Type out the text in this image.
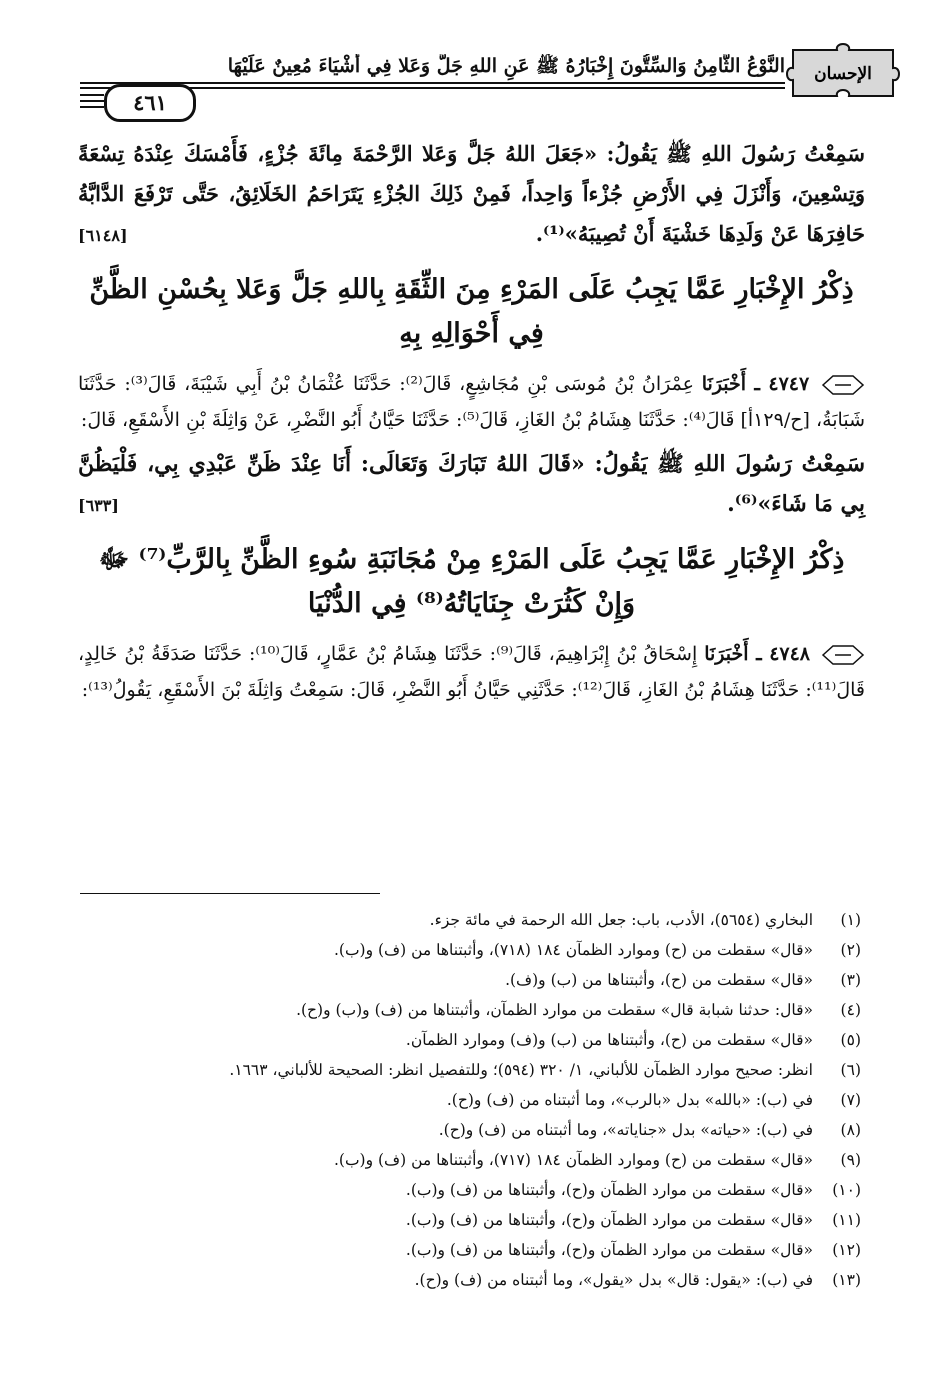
الإحسان
النَّوْعُ الثَّامِنُ وَالسِّتُّونَ إِخْبَارُهُ ﷺ عَنِ اللهِ جَلَّ وَعَلا فِي أَشْيَاءَ مُعِينٌ عَلَيْهَا
٤٦١

سَمِعْتُ رَسُولَ اللهِ ﷺ يَقُولُ: «جَعَلَ اللهُ جَلَّ وَعَلا الرَّحْمَةَ مِائَةَ جُزْءٍ، فَأَمْسَكَ عِنْدَهُ تِسْعَةً وَتِسْعِينَ، وَأَنْزَلَ فِي الأَرْضِ جُزْءاً وَاحِداً، فَمِنْ ذَلِكَ الجُزْءِ يَتَرَاحَمُ الخَلَائِقُ، حَتَّى تَرْفَعَ الدَّابَّةُ حَافِرَهَا عَنْ وَلَدِهَا خَشْيَةَ أَنْ تُصِيبَهُ»⁽¹⁾.
[٦١٤٨]

ذِكْرُ الإِخْبَارِ عَمَّا يَجِبُ عَلَى المَرْءِ مِنَ الثِّقَةِ بِاللهِ جَلَّ وَعَلا بِحُسْنِ الظَّنِّ فِي أَحْوَالِهِ بِهِ

٤٧٤٧ ـ أَخْبَرَنَا عِمْرَانُ بْنُ مُوسَى بْنِ مُجَاشِعٍ، قَالَ⁽²⁾: حَدَّثَنَا عُثْمَانُ بْنُ أَبِي شَيْبَةَ، قَالَ⁽³⁾: حَدَّثَنَا شَبَابَةُ، [ح/١٢٩أ] قَالَ⁽⁴⁾: حَدَّثَنَا هِشَامُ بْنُ الغَازِ، قَالَ⁽⁵⁾: حَدَّثَنَا حَيَّانُ أَبُو النَّضْرِ، عَنْ وَاثِلَةَ بْنِ الأَسْقَعِ، قَالَ:

سَمِعْتُ رَسُولَ اللهِ ﷺ يَقُولُ: «قَالَ اللهُ تَبَارَكَ وَتَعَالَى: أَنَا عِنْدَ ظَنِّ عَبْدِي بِي، فَلْيَظُنَّ بِي مَا شَاءَ»⁽⁶⁾.
[٦٣٣]

ذِكْرُ الإِخْبَارِ عَمَّا يَجِبُ عَلَى المَرْءِ مِنْ مُجَانَبَةِ سُوءِ الظَّنِّ بِالرَّبِّ⁽⁷⁾ ﷻ وَإِنْ كَثُرَتْ جِنَايَاتُهُ⁽⁸⁾ فِي الدُّنْيَا

٤٧٤٨ ـ أَخْبَرَنَا إِسْحَاقُ بْنُ إِبْرَاهِيمَ، قَالَ⁽⁹⁾: حَدَّثَنَا هِشَامُ بْنُ عَمَّارٍ، قَالَ⁽¹⁰⁾: حَدَّثَنَا صَدَقَةُ بْنُ خَالِدٍ، قَالَ⁽¹¹⁾: حَدَّثَنَا هِشَامُ بْنُ الغَازِ، قَالَ⁽¹²⁾: حَدَّثَنِي حَيَّانُ أَبُو النَّضْرِ، قَالَ: سَمِعْتُ وَاثِلَةَ بْنَ الأَسْقَعِ، يَقُولُ⁽¹³⁾:

(١)البخاري (٥٦٥٤)، الأدب، باب: جعل الله الرحمة في مائة جزء.
(٢)«قال» سقطت من (ح) وموارد الظمآن ١٨٤ (٧١٨)، وأثبتناها من (ف) و(ب).
(٣)«قال» سقطت من (ح)، وأثبتناها من (ب) و(ف).
(٤)«قال: حدثنا شبابة قال» سقطت من موارد الظمآن، وأثبتناها من (ف) و(ب) و(ح).
(٥)«قال» سقطت من (ح)، وأثبتناها من (ب) و(ف) وموارد الظمآن.
(٦)انظر: صحيح موارد الظمآن للألباني، ١/ ٣٢٠ (٥٩٤)؛ وللتفصيل انظر: الصحيحة للألباني، ١٦٦٣.
(٧)في (ب): «بالله» بدل «بالرب»، وما أثبتناه من (ف) و(ح).
(٨)في (ب): «حياته» بدل «جناياته»، وما أثبتناه من (ف) و(ح).
(٩)«قال» سقطت من (ح) وموارد الظمآن ١٨٤ (٧١٧)، وأثبتناها من (ف) و(ب).
(١٠)«قال» سقطت من موارد الظمآن و(ح)، وأثبتناها من (ف) و(ب).
(١١)«قال» سقطت من موارد الظمآن و(ح)، وأثبتناها من (ف) و(ب).
(١٢)«قال» سقطت من موارد الظمآن و(ح)، وأثبتناها من (ف) و(ب).
(١٣)في (ب): «يقول: قال» بدل «يقول»، وما أثبتناه من (ف) و(ح).
